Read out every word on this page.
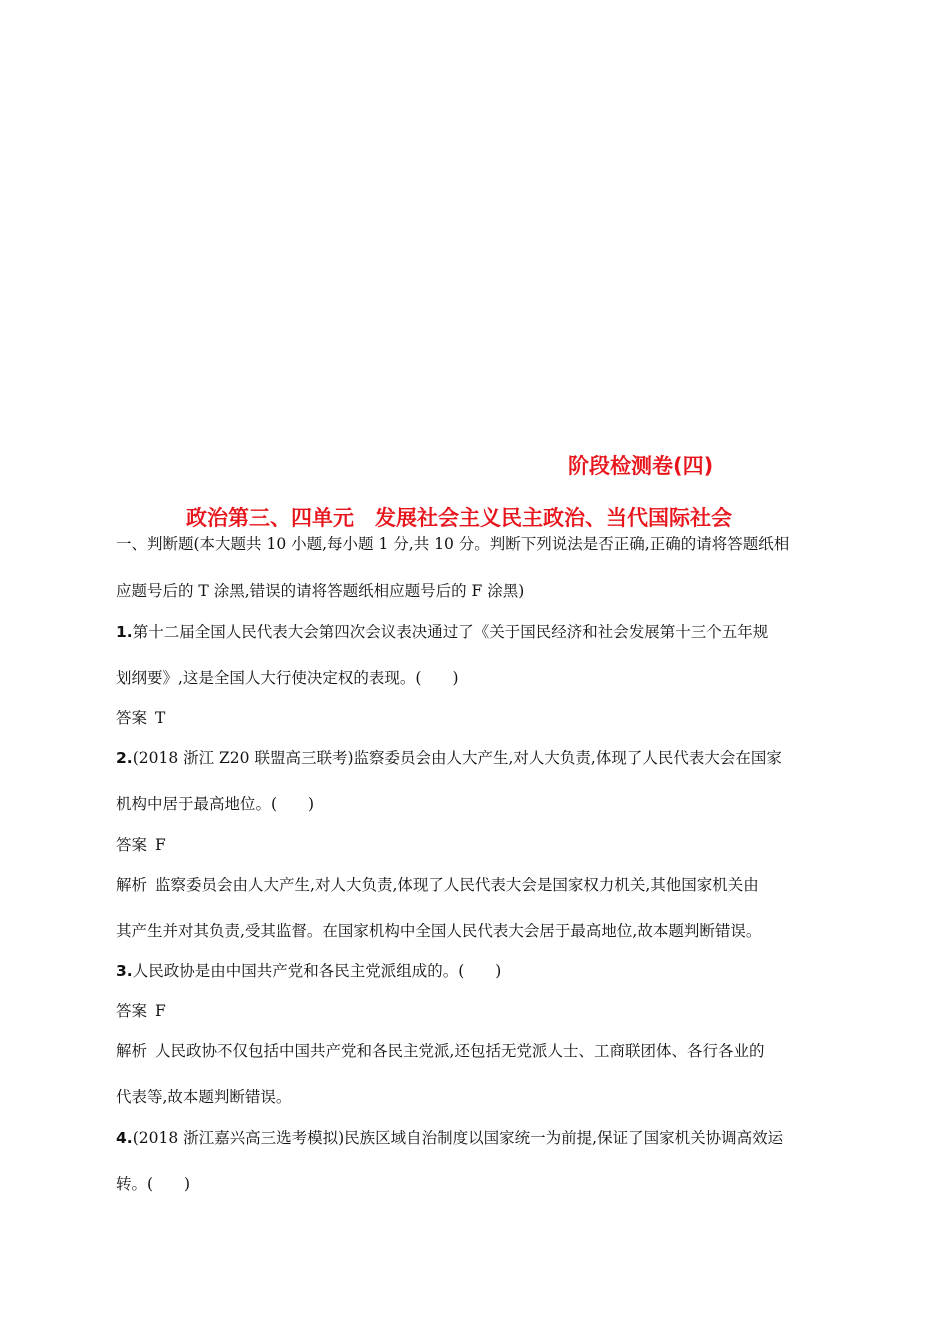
阶段检测卷(四)
政治第三、四单元　发展社会主义民主政治、当代国际社会
一、判断题(本大题共 10 小题,每小题 1 分,共 10 分。判断下列说法是否正确,正确的请将答题纸相
应题号后的 T 涂黑,错误的请将答题纸相应题号后的 F 涂黑)
1.第十二届全国人民代表大会第四次会议表决通过了《关于国民经济和社会发展第十三个五年规
划纲要》,这是全国人大行使决定权的表现。(　　)
答案 T
2.(2018 浙江 Z20 联盟高三联考)监察委员会由人大产生,对人大负责,体现了人民代表大会在国家
机构中居于最高地位。(　　)
答案 F
解析 监察委员会由人大产生,对人大负责,体现了人民代表大会是国家权力机关,其他国家机关由
其产生并对其负责,受其监督。在国家机构中全国人民代表大会居于最高地位,故本题判断错误。
3.人民政协是由中国共产党和各民主党派组成的。(　　)
答案 F
解析 人民政协不仅包括中国共产党和各民主党派,还包括无党派人士、工商联团体、各行各业的
代表等,故本题判断错误。
4.(2018 浙江嘉兴高三选考模拟)民族区域自治制度以国家统一为前提,保证了国家机关协调高效运
转。(　　)
